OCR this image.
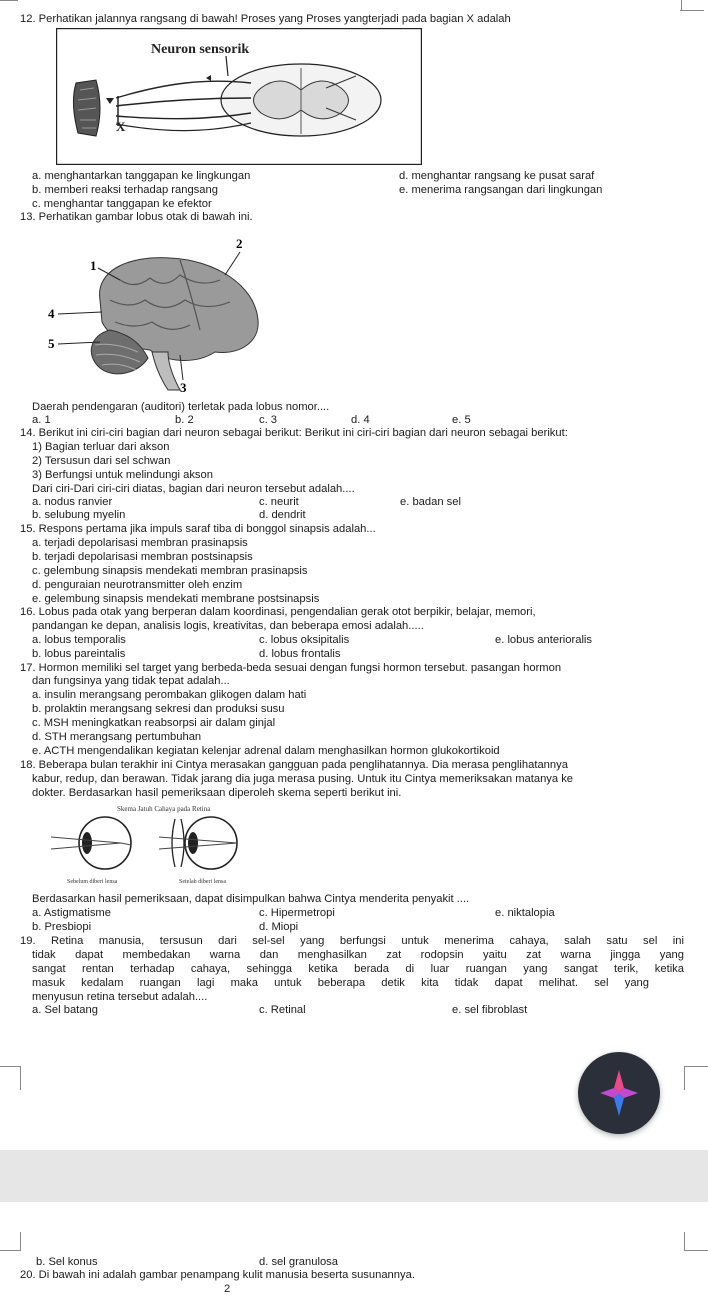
12. Perhatikan jalannya rangsang di bawah! Proses yang Proses yangterjadi pada bagian X adalah
Neuron sensorik
X
a. menghantarkan tanggapan ke lingkungan	d. menghantar rangsang ke pusat saraf
b. memberi reaksi terhadap rangsang	e. menerima rangsangan dari lingkungan
c. menghantar tanggapan ke efektor
13. Perhatikan gambar lobus otak di bawah ini.
1
2
3
4
5
Daerah pendengaran (auditori) terletak pada lobus nomor....
a. 1	b. 2	c. 3	d. 4	e. 5
14. Berikut ini ciri-ciri bagian dari neuron sebagai berikut: Berikut ini ciri-ciri bagian dari neuron sebagai berikut:
1) Bagian terluar dari akson
2) Tersusun dari sel schwan
3) Berfungsi untuk melindungi akson
Dari ciri-Dari ciri-ciri diatas, bagian dari neuron tersebut adalah....
a. nodus ranvier	c. neurit	e. badan sel
b. selubung myelin	d. dendrit
15. Respons pertama jika impuls saraf tiba di bonggol sinapsis adalah...
a. terjadi depolarisasi membran prasinapsis
b. terjadi depolarisasi membran postsinapsis
c. gelembung sinapsis mendekati membran prasinapsis
d. penguraian neurotransmitter oleh enzim
e. gelembung sinapsis mendekati membrane postsinapsis
16. Lobus pada otak yang berperan dalam koordinasi, pengendalian gerak otot berpikir, belajar, memori,
pandangan ke depan, analisis logis, kreativitas, dan beberapa emosi adalah.....
a. lobus temporalis	c. lobus oksipitalis	e. lobus anterioralis
b. lobus pareintalis	d. lobus frontalis
17. Hormon memiliki sel target yang berbeda-beda sesuai dengan fungsi hormon tersebut. pasangan hormon
dan fungsinya yang tidak tepat adalah...
a. insulin merangsang perombakan glikogen dalam hati
b. prolaktin merangsang sekresi dan produksi susu
c. MSH meningkatkan reabsorpsi air dalam ginjal
d. STH merangsang pertumbuhan
e. ACTH mengendalikan kegiatan kelenjar adrenal dalam menghasilkan hormon glukokortikoid
18. Beberapa bulan terakhir ini Cintya merasakan gangguan pada penglihatannya. Dia merasa penglihatannya
kabur, redup, dan berawan. Tidak jarang dia juga merasa pusing. Untuk itu Cintya memeriksakan matanya ke
dokter. Berdasarkan hasil pemeriksaan diperoleh skema seperti berikut ini.
Skema Jatuh Cahaya pada Retina
Sebelum diberi lensa	Setelah diberi lensa
Berdasarkan hasil pemeriksaan, dapat disimpulkan bahwa Cintya menderita penyakit ....
a. Astigmatisme	c. Hipermetropi	e. niktalopia
b. Presbiopi	d. Miopi
19. Retina manusia, tersusun dari sel-sel yang berfungsi untuk menerima cahaya, salah satu sel ini
tidak dapat membedakan warna dan menghasilkan zat rodopsin yaitu zat warna jingga yang
sangat rentan terhadap cahaya, sehingga ketika berada di luar ruangan yang sangat terik, ketika
masuk kedalam ruangan lagi maka untuk beberapa detik kita tidak dapat melihat. sel yang
menyusun retina tersebut adalah....
a. Sel batang	c. Retinal	e. sel fibroblast
b. Sel konus	d. sel granulosa
20. Di bawah ini adalah gambar penampang kulit manusia beserta susunannya.
2
